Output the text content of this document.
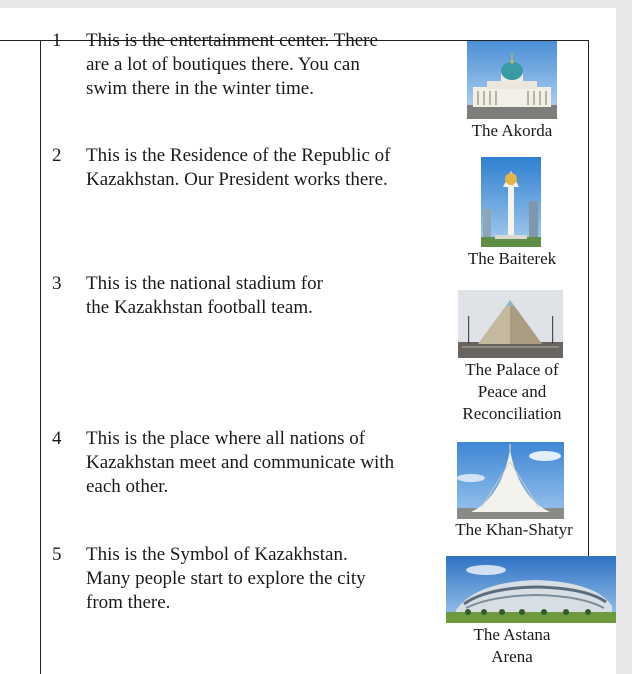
1 This is the entertainment center. There
are a lot of boutiques there. You can
swim there in the winter time.
2 This is the Residence of the Republic of
Kazakhstan. Our President works there.
3 This is the national stadium for
the Kazakhstan football team.
4 This is the place where all nations of
Kazakhstan meet and communicate with
each other.
5 This is the Symbol of Kazakhstan.
Many people start to explore the city
from there.
The Akorda
The Baiterek
The Palace of
Peace and
Reconciliation
The Khan-Shatyr
The Astana
Arena
